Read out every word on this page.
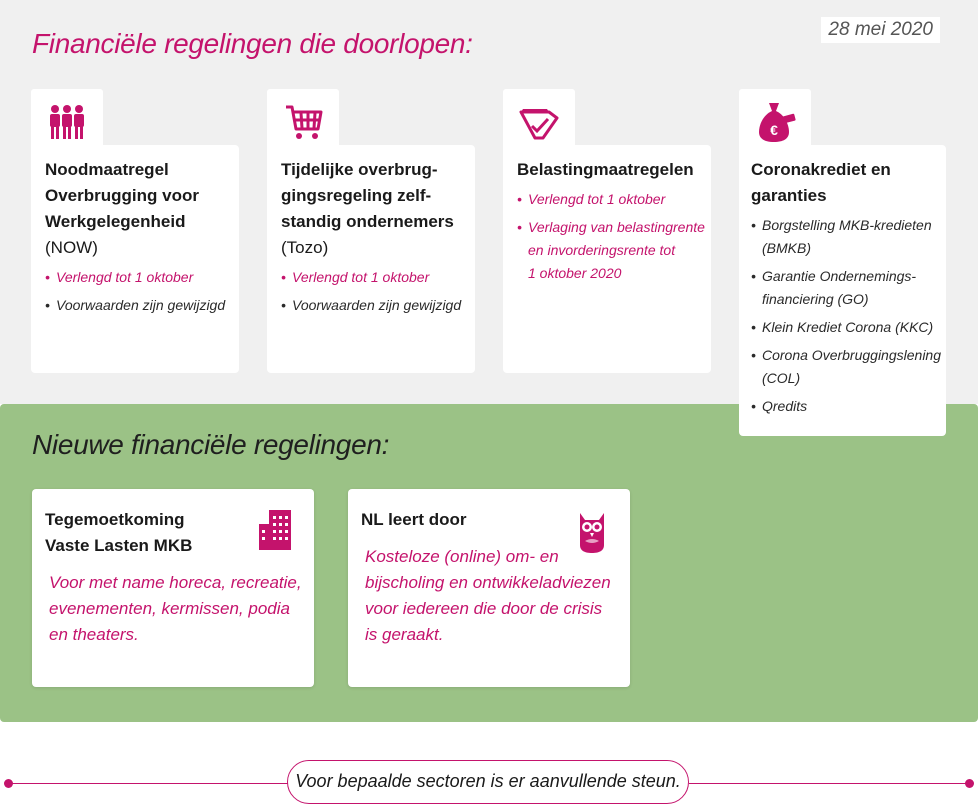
Financiële regelingen die doorlopen:	28 mei 2020
Noodmaatregel
Overbrugging voor
Werkgelegenheid
(NOW)
• Verlengd tot 1 oktober
• Voorwaarden zijn gewijzigd
Tijdelijke overbrug-
gingsregeling zelf-
standig ondernemers
(Tozo)
• Verlengd tot 1 oktober
• Voorwaarden zijn gewijzigd
Belastingmaatregelen
• Verlengd tot 1 oktober
• Verlaging van belastingrente
en invorderingsrente tot
1 oktober 2020
€
Coronakrediet en
garanties
• Borgstelling MKB-kredieten
(BMKB)
• Garantie Ondernemings-
financiering (GO)
• Klein Krediet Corona (KKC)
• Corona Overbruggingslening
(COL)
• Qredits
Nieuwe financiële regelingen:
Tegemoetkoming
Vaste Lasten MKB
Voor met name horeca, recreatie,
evenementen, kermissen, podia
en theaters.
NL leert door
Kosteloze (online) om- en
bijscholing en ontwikkeladviezen
voor iedereen die door de crisis
is geraakt.
Voor bepaalde sectoren is er aanvullende steun.
